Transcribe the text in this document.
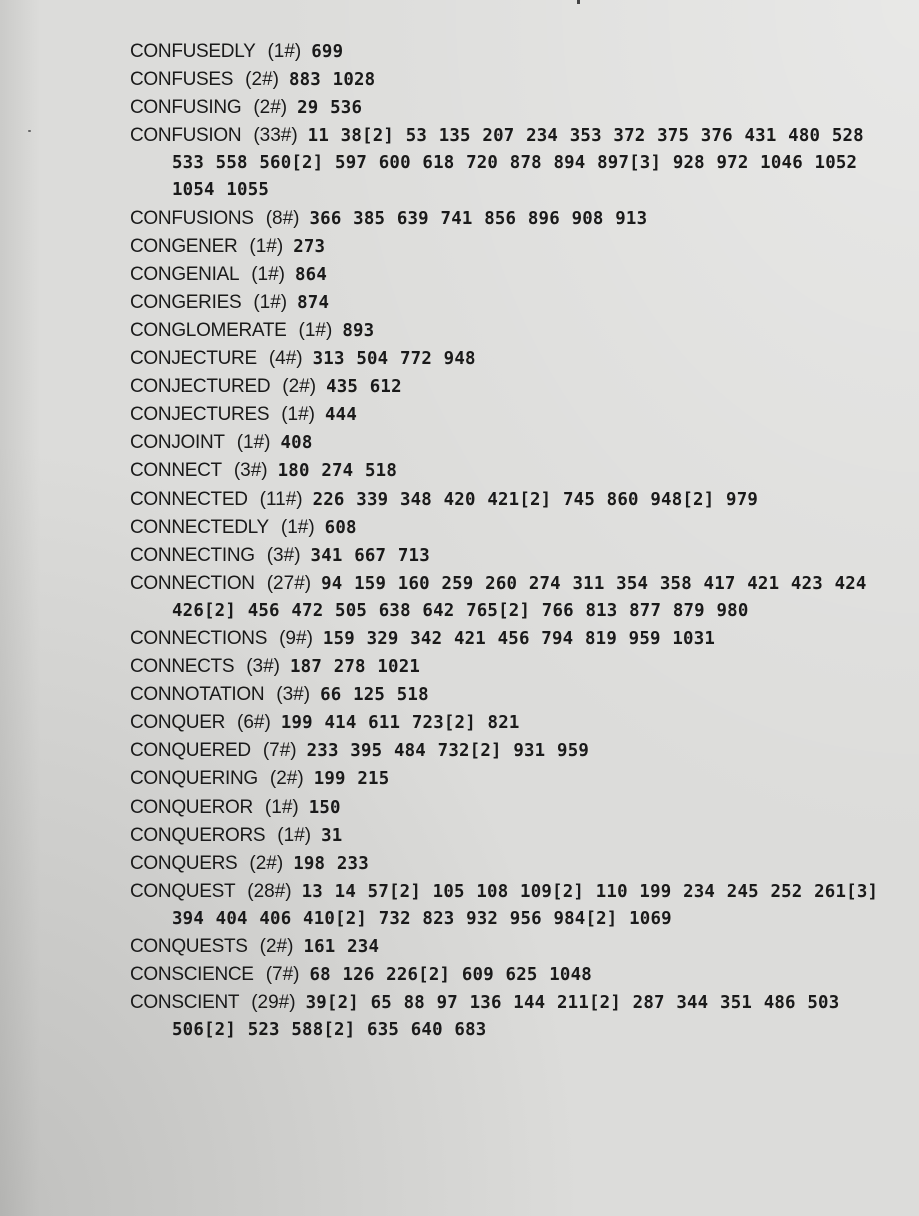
CONFUSEDLY (1#) 699
CONFUSES (2#) 883 1028
CONFUSING (2#) 29 536
CONFUSION (33#) 11 38[2] 53 135 207 234 353 372 375 376 431 480 528 533 558 560[2] 597 600 618 720 878 894 897[3] 928 972 1046 1052 1054 1055
CONFUSIONS (8#) 366 385 639 741 856 896 908 913
CONGENER (1#) 273
CONGENIAL (1#) 864
CONGERIES (1#) 874
CONGLOMERATE (1#) 893
CONJECTURE (4#) 313 504 772 948
CONJECTURED (2#) 435 612
CONJECTURES (1#) 444
CONJOINT (1#) 408
CONNECT (3#) 180 274 518
CONNECTED (11#) 226 339 348 420 421[2] 745 860 948[2] 979
CONNECTEDLY (1#) 608
CONNECTING (3#) 341 667 713
CONNECTION (27#) 94 159 160 259 260 274 311 354 358 417 421 423 424 426[2] 456 472 505 638 642 765[2] 766 813 877 879 980
CONNECTIONS (9#) 159 329 342 421 456 794 819 959 1031
CONNECTS (3#) 187 278 1021
CONNOTATION (3#) 66 125 518
CONQUER (6#) 199 414 611 723[2] 821
CONQUERED (7#) 233 395 484 732[2] 931 959
CONQUERING (2#) 199 215
CONQUEROR (1#) 150
CONQUERORS (1#) 31
CONQUERS (2#) 198 233
CONQUEST (28#) 13 14 57[2] 105 108 109[2] 110 199 234 245 252 261[3] 394 404 406 410[2] 732 823 932 956 984[2] 1069
CONQUESTS (2#) 161 234
CONSCIENCE (7#) 68 126 226[2] 609 625 1048
CONSCIENT (29#) 39[2] 65 88 97 136 144 211[2] 287 344 351 486 503 506[2] 523 588[2] 635 640 683
